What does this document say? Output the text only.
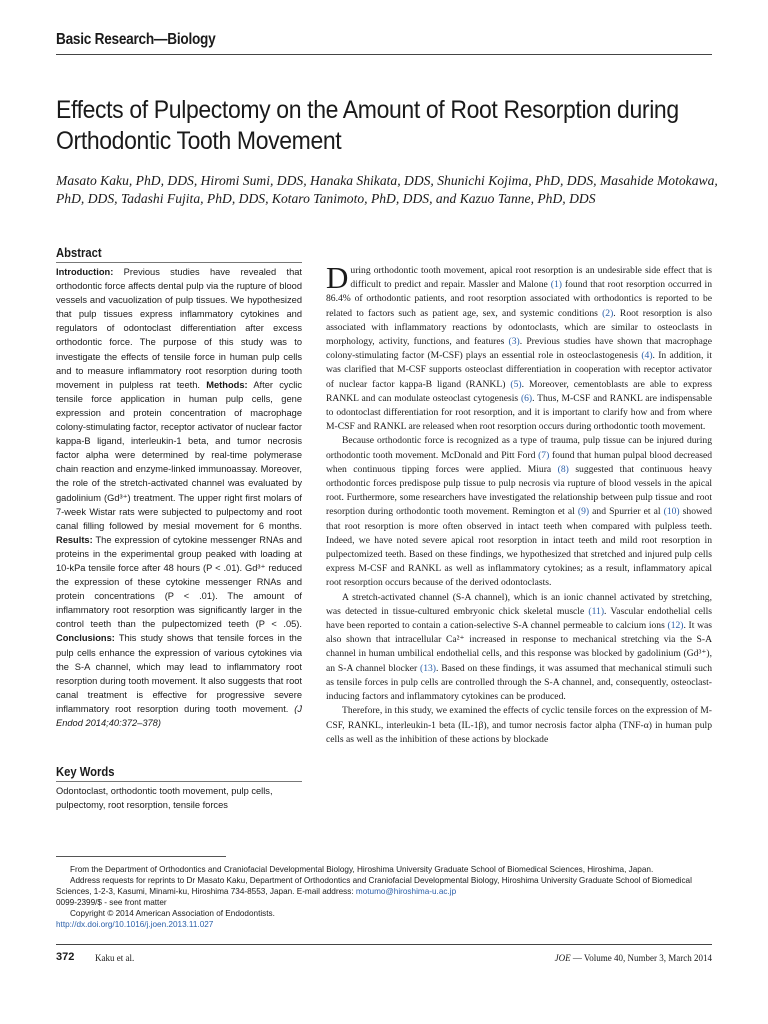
Basic Research—Biology
Effects of Pulpectomy on the Amount of Root Resorption during Orthodontic Tooth Movement
Masato Kaku, PhD, DDS, Hiromi Sumi, DDS, Hanaka Shikata, DDS, Shunichi Kojima, PhD, DDS, Masahide Motokawa, PhD, DDS, Tadashi Fujita, PhD, DDS, Kotaro Tanimoto, PhD, DDS, and Kazuo Tanne, PhD, DDS
Abstract

Introduction: Previous studies have revealed that orthodontic force affects dental pulp via the rupture of blood vessels and vacuolization of pulp tissues. We hypothesized that pulp tissues express inflammatory cytokines and regulators of odontoclast differentiation after excess orthodontic force. The purpose of this study was to investigate the effects of tensile force in human pulp cells and to measure inflammatory root resorption during tooth movement in pulpless rat teeth. Methods: After cyclic tensile force application in human pulp cells, gene expression and protein concentration of macrophage colony-stimulating factor, receptor activator of nuclear factor kappa-B ligand, interleukin-1 beta, and tumor necrosis factor alpha were determined by real-time polymerase chain reaction and enzyme-linked immunoassay. Moreover, the role of the stretch-activated channel was evaluated by gadolinium (Gd³⁺) treatment. The upper right first molars of 7-week Wistar rats were subjected to pulpectomy and root canal filling followed by mesial movement for 6 months. Results: The expression of cytokine messenger RNAs and proteins in the experimental group peaked with loading at 10-kPa tensile force after 48 hours (P < .01). Gd³⁺ reduced the expression of these cytokine messenger RNAs and protein concentrations (P < .01). The amount of inflammatory root resorption was significantly larger in the control teeth than the pulpectomized teeth (P < .05). Conclusions: This study shows that tensile forces in the pulp cells enhance the expression of various cytokines via the S-A channel, which may lead to inflammatory root resorption during tooth movement. It also suggests that root canal treatment is effective for progressive severe inflammatory root resorption during tooth movement. (J Endod 2014;40:372–378)

Key Words
Odontoclast, orthodontic tooth movement, pulp cells, pulpectomy, root resorption, tensile forces

During orthodontic tooth movement, apical root resorption is an undesirable side effect that is difficult to predict and repair. Massler and Malone (1) found that root resorption occurred in 86.4% of orthodontic patients, and root resorption associated with orthodontics is reported to be related to factors such as patient age, sex, and systemic conditions (2). Root resorption is also associated with inflammatory reactions by odontoclasts, which are similar to osteoclasts in morphology, activity, functions, and features (3). Previous studies have shown that macrophage colony-stimulating factor (M-CSF) plays an essential role in osteoclastogenesis (4). In addition, it was clarified that M-CSF supports osteoclast differentiation in cooperation with receptor activator of nuclear factor kappa-B ligand (RANKL) (5). Moreover, cementoblasts are able to express RANKL and can modulate osteoclast cytogenesis (6). Thus, M-CSF and RANKL are indispensable to odontoclast differentiation for root resorption, and it is important to clarify how and from where M-CSF and RANKL are released when root resorption occurs during orthodontic tooth movement.

Because orthodontic force is recognized as a type of trauma, pulp tissue can be injured during orthodontic tooth movement. McDonald and Pitt Ford (7) found that human pulpal blood decreased when continuous tipping forces were applied. Miura (8) suggested that continuous heavy orthodontic forces predispose pulp tissue to pulp necrosis via rupture of blood vessels in the apical root. Furthermore, some researchers have investigated the relationship between pulp tissue and root resorption during orthodontic tooth movement. Remington et al (9) and Spurrier et al (10) showed that root resorption is more often observed in intact teeth when compared with pulpless teeth. Indeed, we have noted severe apical root resorption in intact teeth and mild root resorption in pulpectomized teeth. Based on these findings, we hypothesized that stretched and injured pulp cells express M-CSF and RANKL as well as inflammatory cytokines; as a result, inflammatory apical root resorption occurs because of the derived odontoclasts.

A stretch-activated channel (S-A channel), which is an ionic channel activated by stretching, was detected in tissue-cultured embryonic chick skeletal muscle (11). Vascular endothelial cells have been reported to contain a cation-selective S-A channel permeable to calcium ions (12). It was also shown that intracellular Ca²⁺ increased in response to mechanical stretching via the S-A channel in human umbilical endothelial cells, and this response was blocked by gadolinium (Gd³⁺), an S-A channel blocker (13). Based on these findings, it was assumed that mechanical stimuli such as tensile forces in pulp cells are controlled through the S-A channel, and, consequently, osteoclast-inducing factors and inflammatory cytokines can be produced.

Therefore, in this study, we examined the effects of cyclic tensile forces on the expression of M-CSF, RANKL, interleukin-1 beta (IL-1β), and tumor necrosis factor alpha (TNF-α) in human pulp cells as well as the inhibition of these actions by blockade

From the Department of Orthodontics and Craniofacial Developmental Biology, Hiroshima University Graduate School of Biomedical Sciences, Hiroshima, Japan.

Address requests for reprints to Dr Masato Kaku, Department of Orthodontics and Craniofacial Developmental Biology, Hiroshima University Graduate School of Biomedical Sciences, 1-2-3, Kasumi, Minami-ku, Hiroshima 734-8553, Japan. E-mail address: motumo@hiroshima-u.ac.jp

0099-2399/$ - see front matter

Copyright © 2014 American Association of Endodontists.

http://dx.doi.org/10.1016/j.joen.2013.11.027

372 Kaku et al.	JOE — Volume 40, Number 3, March 2014
